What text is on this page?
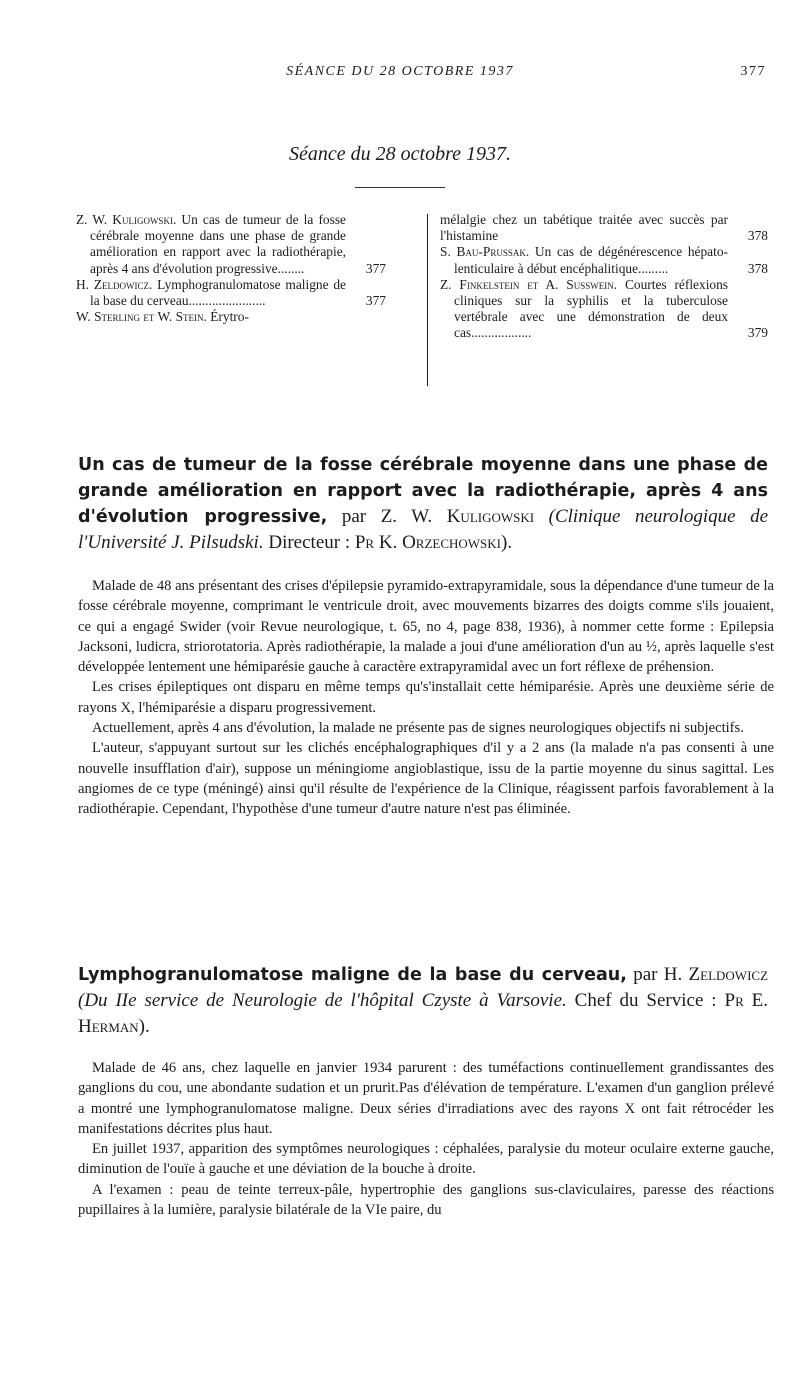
SÉANCE DU 28 OCTOBRE 1937	377
Séance du 28 octobre 1937.
Z. W. Kuligowski. Un cas de tumeur de la fosse cérébrale moyenne dans une phase de grande amélioration en rapport avec la radiothérapie, après 4 ans d'évolution progressive........	377
H. Zeldowicz. Lymphogranulomatose maligne de la base du cerveau.......................	377
W. Sterling et W. Stein. Érytro-
mélalgie chez un tabétique traitée avec succès par l'histamine	378
S. Bau-Prussak. Un cas de dégénérescence hépato-lenticulaire à début encéphalitique.........	378
Z. Finkelstein et A. Susswein. Courtes réflexions cliniques sur la syphilis et la tuberculose vertébrale avec une démonstration de deux cas..................	379
Un cas de tumeur de la fosse cérébrale moyenne dans une phase de grande amélioration en rapport avec la radiothérapie, après 4 ans d'évolution progressive, par Z. W. Kuligowski (Clinique neurologique de l'Université J. Pilsudski. Directeur : Pr K. Orzechowski).

Malade de 48 ans présentant des crises d'épilepsie pyramido-extrapyramidale, sous la dépendance d'une tumeur de la fosse cérébrale moyenne, comprimant le ventricule droit, avec mouvements bizarres des doigts comme s'ils jouaient, ce qui a engagé Swider (voir Revue neurologique, t. 65, no 4, page 838, 1936), à nommer cette forme : Epilepsia Jacksoni, ludicra, striorotatoria. Après radiothérapie, la malade a joui d'une amélioration d'un au ½, après laquelle s'est développée lentement une hémiparésie gauche à caractère extrapyramidal avec un fort réflexe de préhension.

Les crises épileptiques ont disparu en même temps qu's'installait cette hémiparésie. Après une deuxième série de rayons X, l'hémiparésie a disparu progressivement.

Actuellement, après 4 ans d'évolution, la malade ne présente pas de signes neurologiques objectifs ni subjectifs.

L'auteur, s'appuyant surtout sur les clichés encéphalographiques d'il y a 2 ans (la malade n'a pas consenti à une nouvelle insufflation d'air), suppose un méningiome angioblastique, issu de la partie moyenne du sinus sagittal. Les angiomes de ce type (méningé) ainsi qu'il résulte de l'expérience de la Clinique, réagissent parfois favorablement à la radiothérapie. Cependant, l'hypothèse d'une tumeur d'autre nature n'est pas éliminée.

Lymphogranulomatose maligne de la base du cerveau, par H. Zeldowicz (Du IIe service de Neurologie de l'hôpital Czyste à Varsovie. Chef du Service : Pr E. Herman).

Malade de 46 ans, chez laquelle en janvier 1934 parurent : des tuméfactions continuellement grandissantes des ganglions du cou, une abondante sudation et un prurit.Pas d'élévation de température. L'examen d'un ganglion prélevé a montré une lymphogranulomatose maligne. Deux séries d'irradiations avec des rayons X ont fait rétrocéder les manifestations décrites plus haut.

En juillet 1937, apparition des symptômes neurologiques : céphalées, paralysie du moteur oculaire externe gauche, diminution de l'ouïe à gauche et une déviation de la bouche à droite.

A l'examen : peau de teinte terreux-pâle, hypertrophie des ganglions sus-claviculaires, paresse des réactions pupillaires à la lumière, paralysie bilatérale de la VIe paire, du
